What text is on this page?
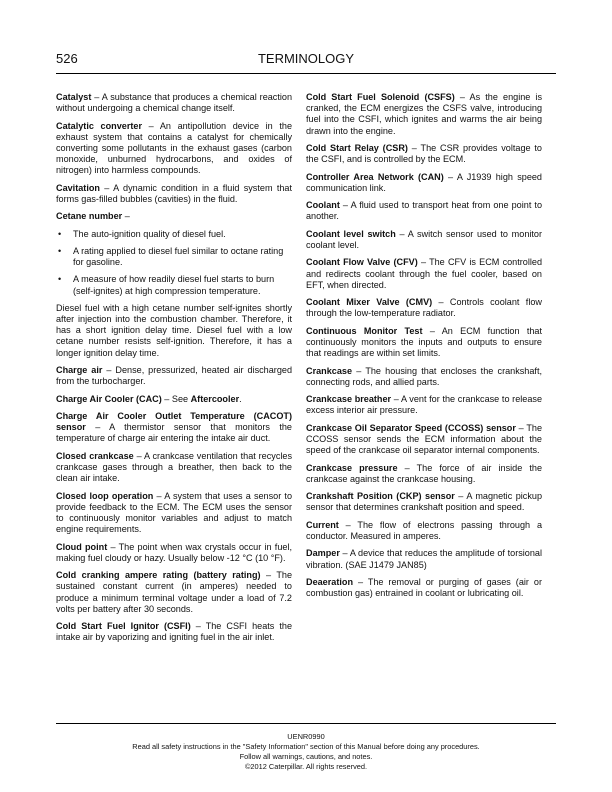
526	TERMINOLOGY

Catalyst – A substance that produces a chemical reaction without undergoing a chemical change itself.

Catalytic converter – An antipollution device in the exhaust system that contains a catalyst for chemically converting some pollutants in the exhaust gases (carbon monoxide, unburned hydrocarbons, and oxides of nitrogen) into harmless compounds.

Cavitation – A dynamic condition in a fluid system that forms gas-filled bubbles (cavities) in the fluid.

Cetane number –

• The auto-ignition quality of diesel fuel.
• A rating applied to diesel fuel similar to octane rating for gasoline.
• A measure of how readily diesel fuel starts to burn (self-ignites) at high compression temperature.

Diesel fuel with a high cetane number self-ignites shortly after injection into the combustion chamber. Therefore, it has a short ignition delay time. Diesel fuel with a low cetane number resists self-ignition. Therefore, it has a longer ignition delay time.

Charge air – Dense, pressurized, heated air discharged from the turbocharger.

Charge Air Cooler (CAC) – See Aftercooler.

Charge Air Cooler Outlet Temperature (CACOT) sensor – A thermistor sensor that monitors the temperature of charge air entering the intake air duct.

Closed crankcase – A crankcase ventilation that recycles crankcase gases through a breather, then back to the clean air intake.

Closed loop operation – A system that uses a sensor to provide feedback to the ECM. The ECM uses the sensor to continuously monitor variables and adjust to match engine requirements.

Cloud point – The point when wax crystals occur in fuel, making fuel cloudy or hazy. Usually below -12 °C (10 °F).

Cold cranking ampere rating (battery rating) – The sustained constant current (in amperes) needed to produce a minimum terminal voltage under a load of 7.2 volts per battery after 30 seconds.

Cold Start Fuel Ignitor (CSFI) – The CSFI heats the intake air by vaporizing and igniting fuel in the air inlet.

Cold Start Fuel Solenoid (CSFS) – As the engine is cranked, the ECM energizes the CSFS valve, introducing fuel into the CSFI, which ignites and warms the air being drawn into the engine.

Cold Start Relay (CSR) – The CSR provides voltage to the CSFI, and is controlled by the ECM.

Controller Area Network (CAN) – A J1939 high speed communication link.

Coolant – A fluid used to transport heat from one point to another.

Coolant level switch – A switch sensor used to monitor coolant level.

Coolant Flow Valve (CFV) – The CFV is ECM controlled and redirects coolant through the fuel cooler, based on EFT, when directed.

Coolant Mixer Valve (CMV) – Controls coolant flow through the low-temperature radiator.

Continuous Monitor Test – An ECM function that continuously monitors the inputs and outputs to ensure that readings are within set limits.

Crankcase – The housing that encloses the crankshaft, connecting rods, and allied parts.

Crankcase breather – A vent for the crankcase to release excess interior air pressure.

Crankcase Oil Separator Speed (CCOSS) sensor – The CCOSS sensor sends the ECM information about the speed of the crankcase oil separator internal components.

Crankcase pressure – The force of air inside the crankcase against the crankcase housing.

Crankshaft Position (CKP) sensor – A magnetic pickup sensor that determines crankshaft position and speed.

Current – The flow of electrons passing through a conductor. Measured in amperes.

Damper – A device that reduces the amplitude of torsional vibration. (SAE J1479 JAN85)

Deaeration – The removal or purging of gases (air or combustion gas) entrained in coolant or lubricating oil.

UENR0990
Read all safety instructions in the "Safety Information" section of this Manual before doing any procedures.
Follow all warnings, cautions, and notes.
©2012 Caterpillar. All rights reserved.
